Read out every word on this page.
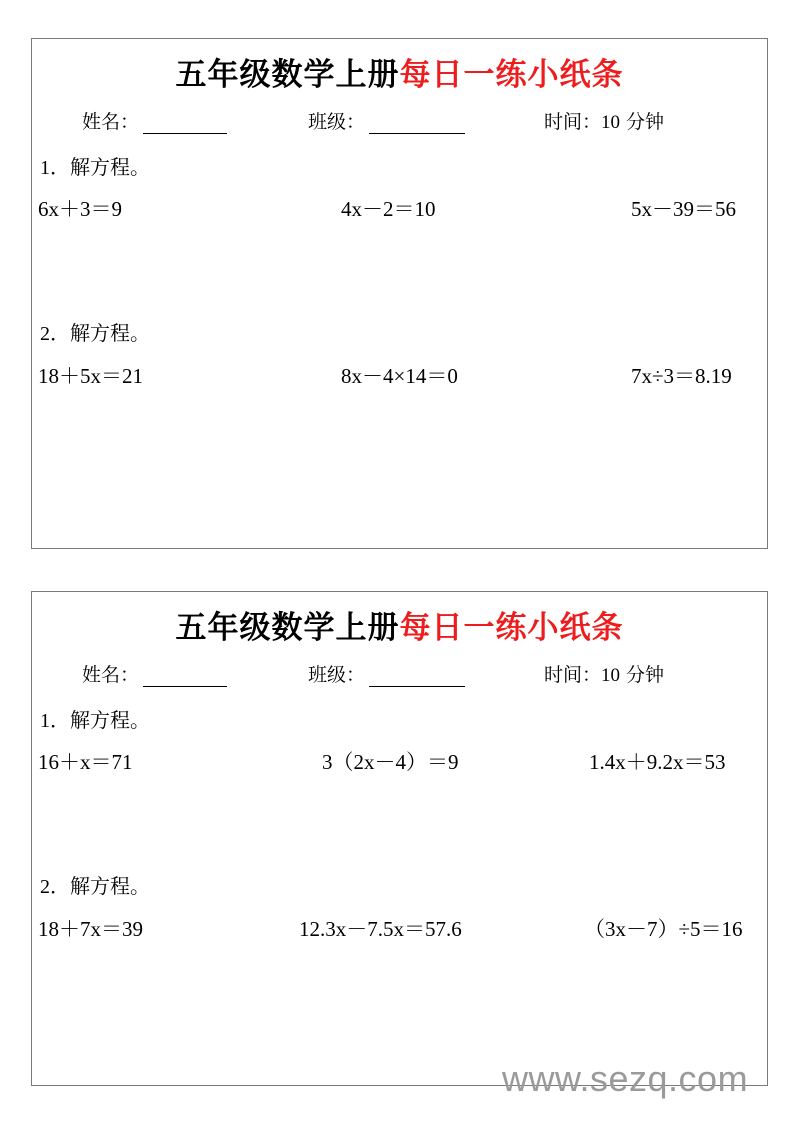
五年级数学上册每日一练小纸条
姓名：	班级：	时间：10 分钟
1．解方程。
6x＋3＝9	4x－2＝10	5x－39＝56
2．解方程。
18＋5x＝21	8x－4×14＝0	7x÷3＝8.19
五年级数学上册每日一练小纸条
姓名：	班级：	时间：10 分钟
1．解方程。
16＋x＝71	3（2x－4）＝9	1.4x＋9.2x＝53
2．解方程。
18＋7x＝39	12.3x－7.5x＝57.6	（3x－7）÷5＝16
www.sezq.com
